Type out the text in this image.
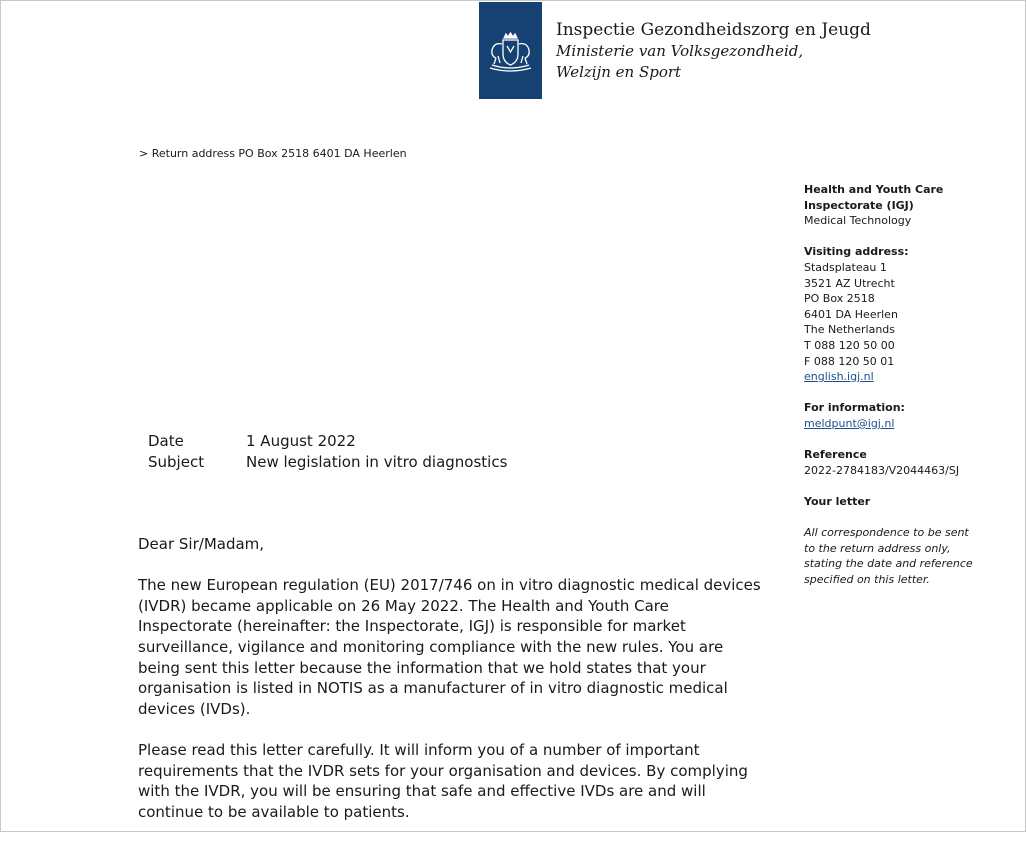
Inspectie Gezondheidszorg en Jeugd
Ministerie van Volksgezondheid,
Welzijn en Sport
> Return address PO Box 2518 6401 DA Heerlen
Health and Youth Care
Inspectorate (IGJ)
Medical Technology
Visiting address:
Stadsplateau 1
3521 AZ Utrecht
PO Box 2518
6401 DA Heerlen
The Netherlands
T 088 120 50 00
F 088 120 50 01
english.igj.nl
For information:
meldpunt@igj.nl
Reference
2022-2784183/V2044463/SJ
Your letter
All correspondence to be sent
to the return address only,
stating the date and reference
specified on this letter.
Date	1 August 2022
Subject	New legislation in vitro diagnostics

Dear Sir/Madam,

The new European regulation (EU) 2017/746 on in vitro diagnostic medical devices
(IVDR) became applicable on 26 May 2022. The Health and Youth Care
Inspectorate (hereinafter: the Inspectorate, IGJ) is responsible for market
surveillance, vigilance and monitoring compliance with the new rules. You are
being sent this letter because the information that we hold states that your
organisation is listed in NOTIS as a manufacturer of in vitro diagnostic medical
devices (IVDs).

Please read this letter carefully. It will inform you of a number of important
requirements that the IVDR sets for your organisation and devices. By complying
with the IVDR, you will be ensuring that safe and effective IVDs are and will
continue to be available to patients.
